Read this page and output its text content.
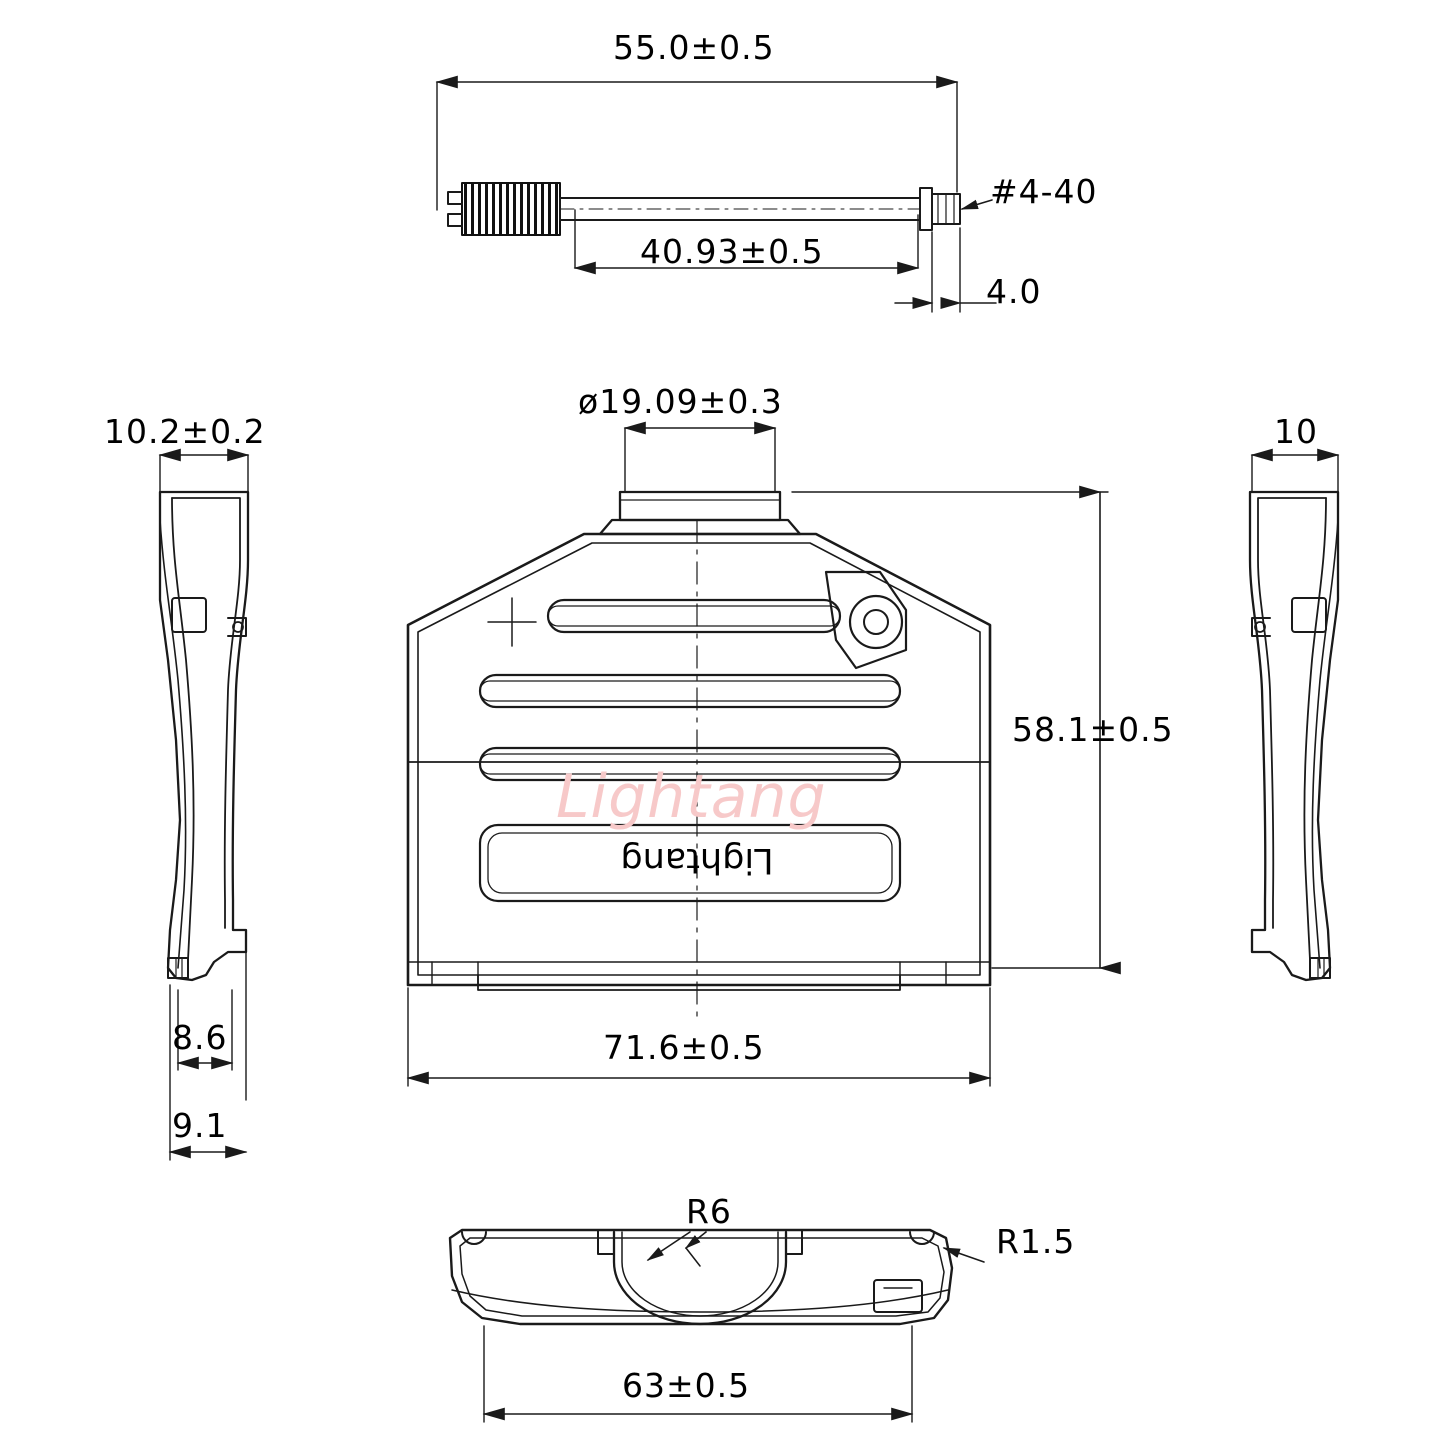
55.0±0.5
#4-40
40.93±0.5
4.0
10.2±0.2
8.6
9.1
ø19.09±0.3
58.1±0.5
71.6±0.5
10
R6
R1.5
63±0.5
Lightang
Lightang
